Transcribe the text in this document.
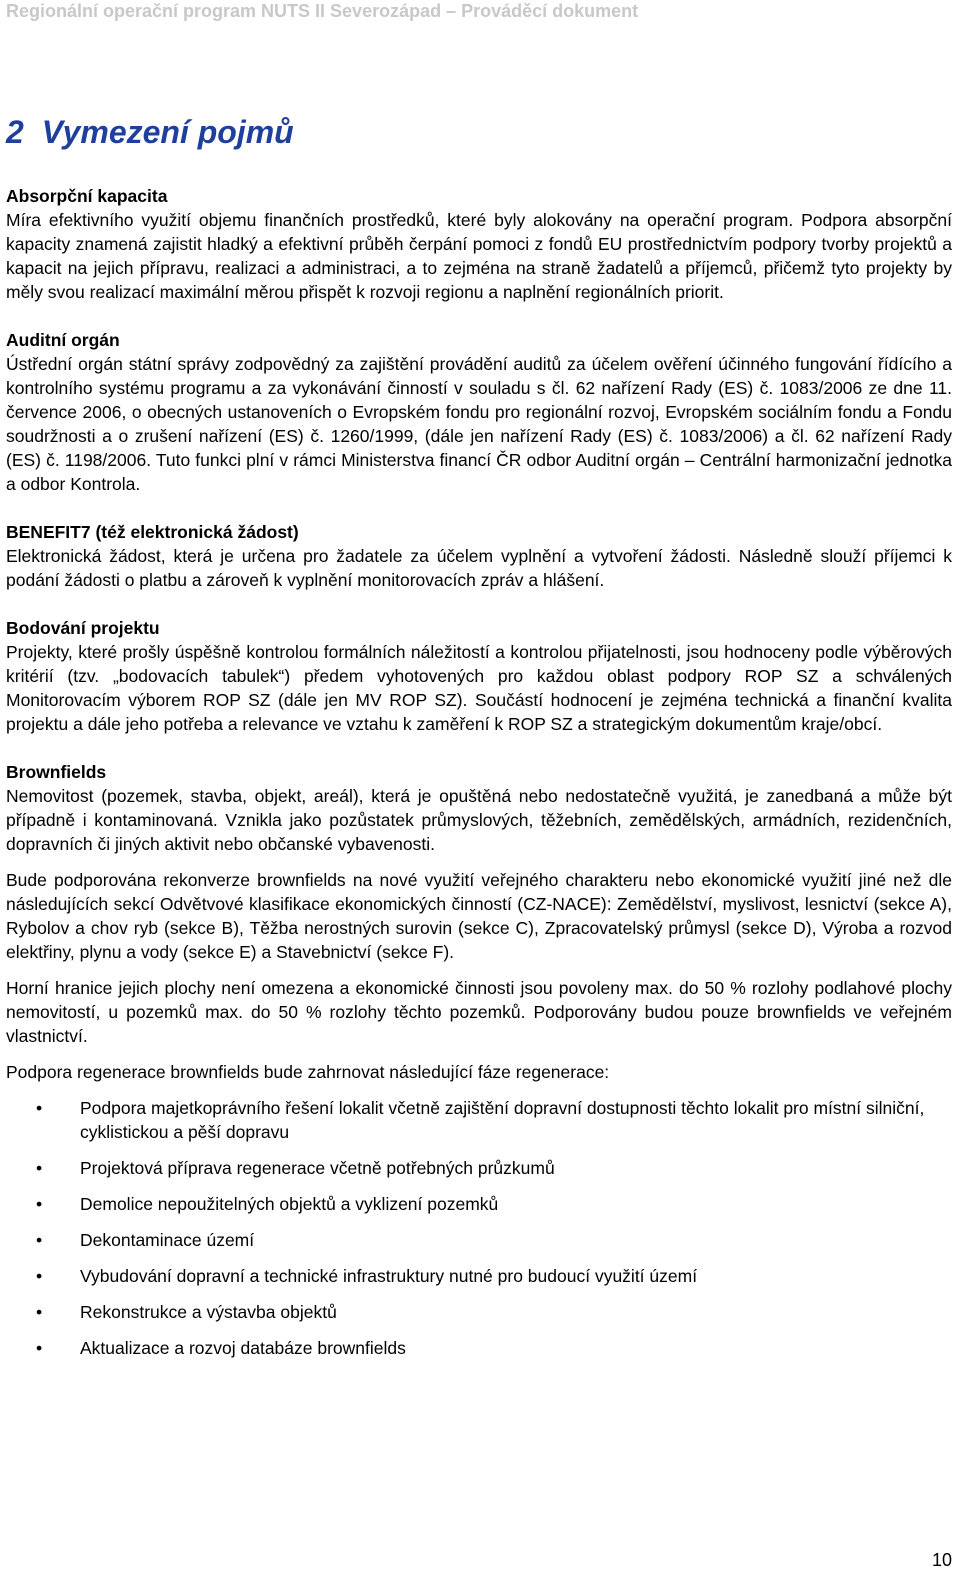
Regionální operační program NUTS II Severozápad – Prováděcí dokument
2 Vymezení pojmů

Absorpční kapacita

Míra efektivního využití objemu finančních prostředků, které byly alokovány na operační program. Podpora absorpční kapacity znamená zajistit hladký a efektivní průběh čerpání pomoci z fondů EU prostřednictvím podpory tvorby projektů a kapacit na jejich přípravu, realizaci a administraci, a to zejména na straně žadatelů a příjemců, přičemž tyto projekty by měly svou realizací maximální měrou přispět k rozvoji regionu a naplnění regionálních priorit.

Auditní orgán

Ústřední orgán státní správy zodpovědný za zajištění provádění auditů za účelem ověření účinného fungování řídícího a kontrolního systému programu a za vykonávání činností v souladu s čl. 62 nařízení Rady (ES) č. 1083/2006 ze dne 11. července 2006, o obecných ustanoveních o Evropském fondu pro regionální rozvoj, Evropském sociálním fondu a Fondu soudržnosti a o zrušení nařízení (ES) č. 1260/1999, (dále jen nařízení Rady (ES) č. 1083/2006) a čl. 62 nařízení Rady (ES) č. 1198/2006. Tuto funkci plní v rámci Ministerstva financí ČR odbor Auditní orgán – Centrální harmonizační jednotka a odbor Kontrola.

BENEFIT7 (též elektronická žádost)

Elektronická žádost, která je určena pro žadatele za účelem vyplnění a vytvoření žádosti. Následně slouží příjemci k podání žádosti o platbu a zároveň k vyplnění monitorovacích zpráv a hlášení.

Bodování projektu

Projekty, které prošly úspěšně kontrolou formálních náležitostí a kontrolou přijatelnosti, jsou hodnoceny podle výběrových kritérií (tzv. „bodovacích tabulek“) předem vyhotovených pro každou oblast podpory ROP SZ a schválených Monitorovacím výborem ROP SZ (dále jen MV ROP SZ). Součástí hodnocení je zejména technická a finanční kvalita projektu a dále jeho potřeba a relevance ve vztahu k zaměření k ROP SZ a strategickým dokumentům kraje/obcí.

Brownfields

Nemovitost (pozemek, stavba, objekt, areál), která je opuštěná nebo nedostatečně využitá, je zanedbaná a může být případně i kontaminovaná. Vznikla jako pozůstatek průmyslových, těžebních, zemědělských, armádních, rezidenčních, dopravních či jiných aktivit nebo občanské vybavenosti.

Bude podporována rekonverze brownfields na nové využití veřejného charakteru nebo ekonomické využití jiné než dle následujících sekcí Odvětvové klasifikace ekonomických činností (CZ-NACE): Zemědělství, myslivost, lesnictví (sekce A), Rybolov a chov ryb (sekce B), Těžba nerostných surovin (sekce C), Zpracovatelský průmysl (sekce D), Výroba a rozvod elektřiny, plynu a vody (sekce E) a Stavebnictví (sekce F).

Horní hranice jejich plochy není omezena a ekonomické činnosti jsou povoleny max. do 50 % rozlohy podlahové plochy nemovitostí, u pozemků max. do 50 % rozlohy těchto pozemků. Podporovány budou pouze brownfields ve veřejném vlastnictví.

Podpora regenerace brownfields bude zahrnovat následující fáze regenerace:

• Podpora majetkoprávního řešení lokalit včetně zajištění dopravní dostupnosti těchto lokalit pro místní silniční, cyklistickou a pěší dopravu
• Projektová příprava regenerace včetně potřebných průzkumů
• Demolice nepoužitelných objektů a vyklizení pozemků
• Dekontaminace území
• Vybudování dopravní a technické infrastruktury nutné pro budoucí využití území
• Rekonstrukce a výstavba objektů
• Aktualizace a rozvoj databáze brownfields
10
